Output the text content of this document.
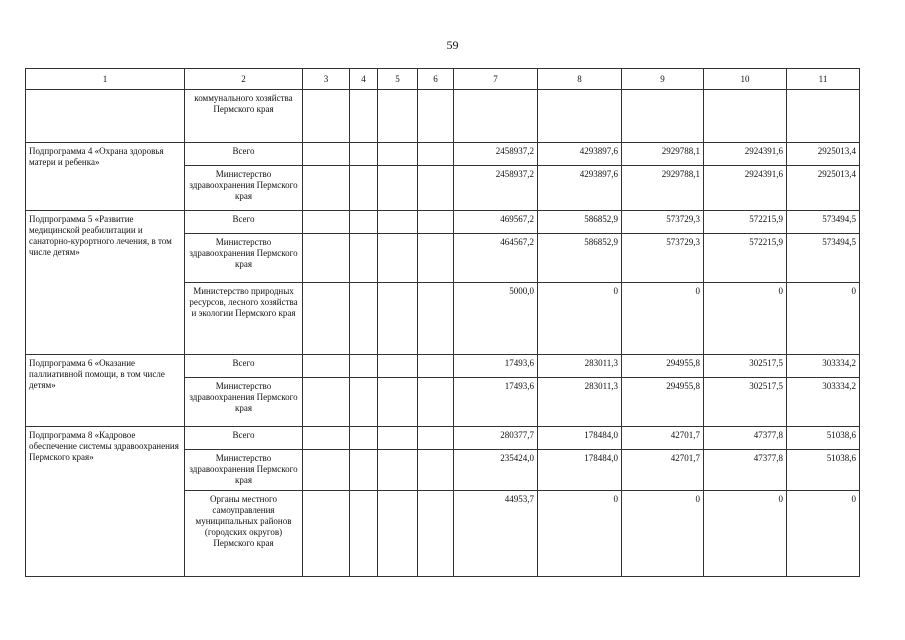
59
1	2	3	4	5	6	7	8	9	10	11
	коммунального хозяйства Пермского края									
Подпрограмма 4 «Охрана здоровья матери и ребенка»	Всего					2458937,2	4293897,6	2929788,1	2924391,6	2925013,4
	Министерство здравоохранения Пермского края					2458937,2	4293897,6	2929788,1	2924391,6	2925013,4
Подпрограмма 5 «Развитие медицинской реабилитации и санаторно-курортного лечения, в том числе детям»	Всего					469567,2	586852,9	573729,3	572215,9	573494,5
	Министерство здравоохранения Пермского края					464567,2	586852,9	573729,3	572215,9	573494,5
	Министерство природных ресурсов, лесного хозяйства и экологии Пермского края					5000,0	0	0	0	0
Подпрограмма 6 «Оказание паллиативной помощи, в том числе детям»	Всего					17493,6	283011,3	294955,8	302517,5	303334,2
	Министерство здравоохранения Пермского края					17493,6	283011,3	294955,8	302517,5	303334,2
Подпрограмма 8 «Кадровое обеспечение системы здравоохранения Пермского края»	Всего					280377,7	178484,0	42701,7	47377,8	51038,6
	Министерство здравоохранения Пермского края					235424,0	178484,0	42701,7	47377,8	51038,6
	Органы местного самоуправления муниципальных районов (городских округов) Пермского края					44953,7	0	0	0	0
